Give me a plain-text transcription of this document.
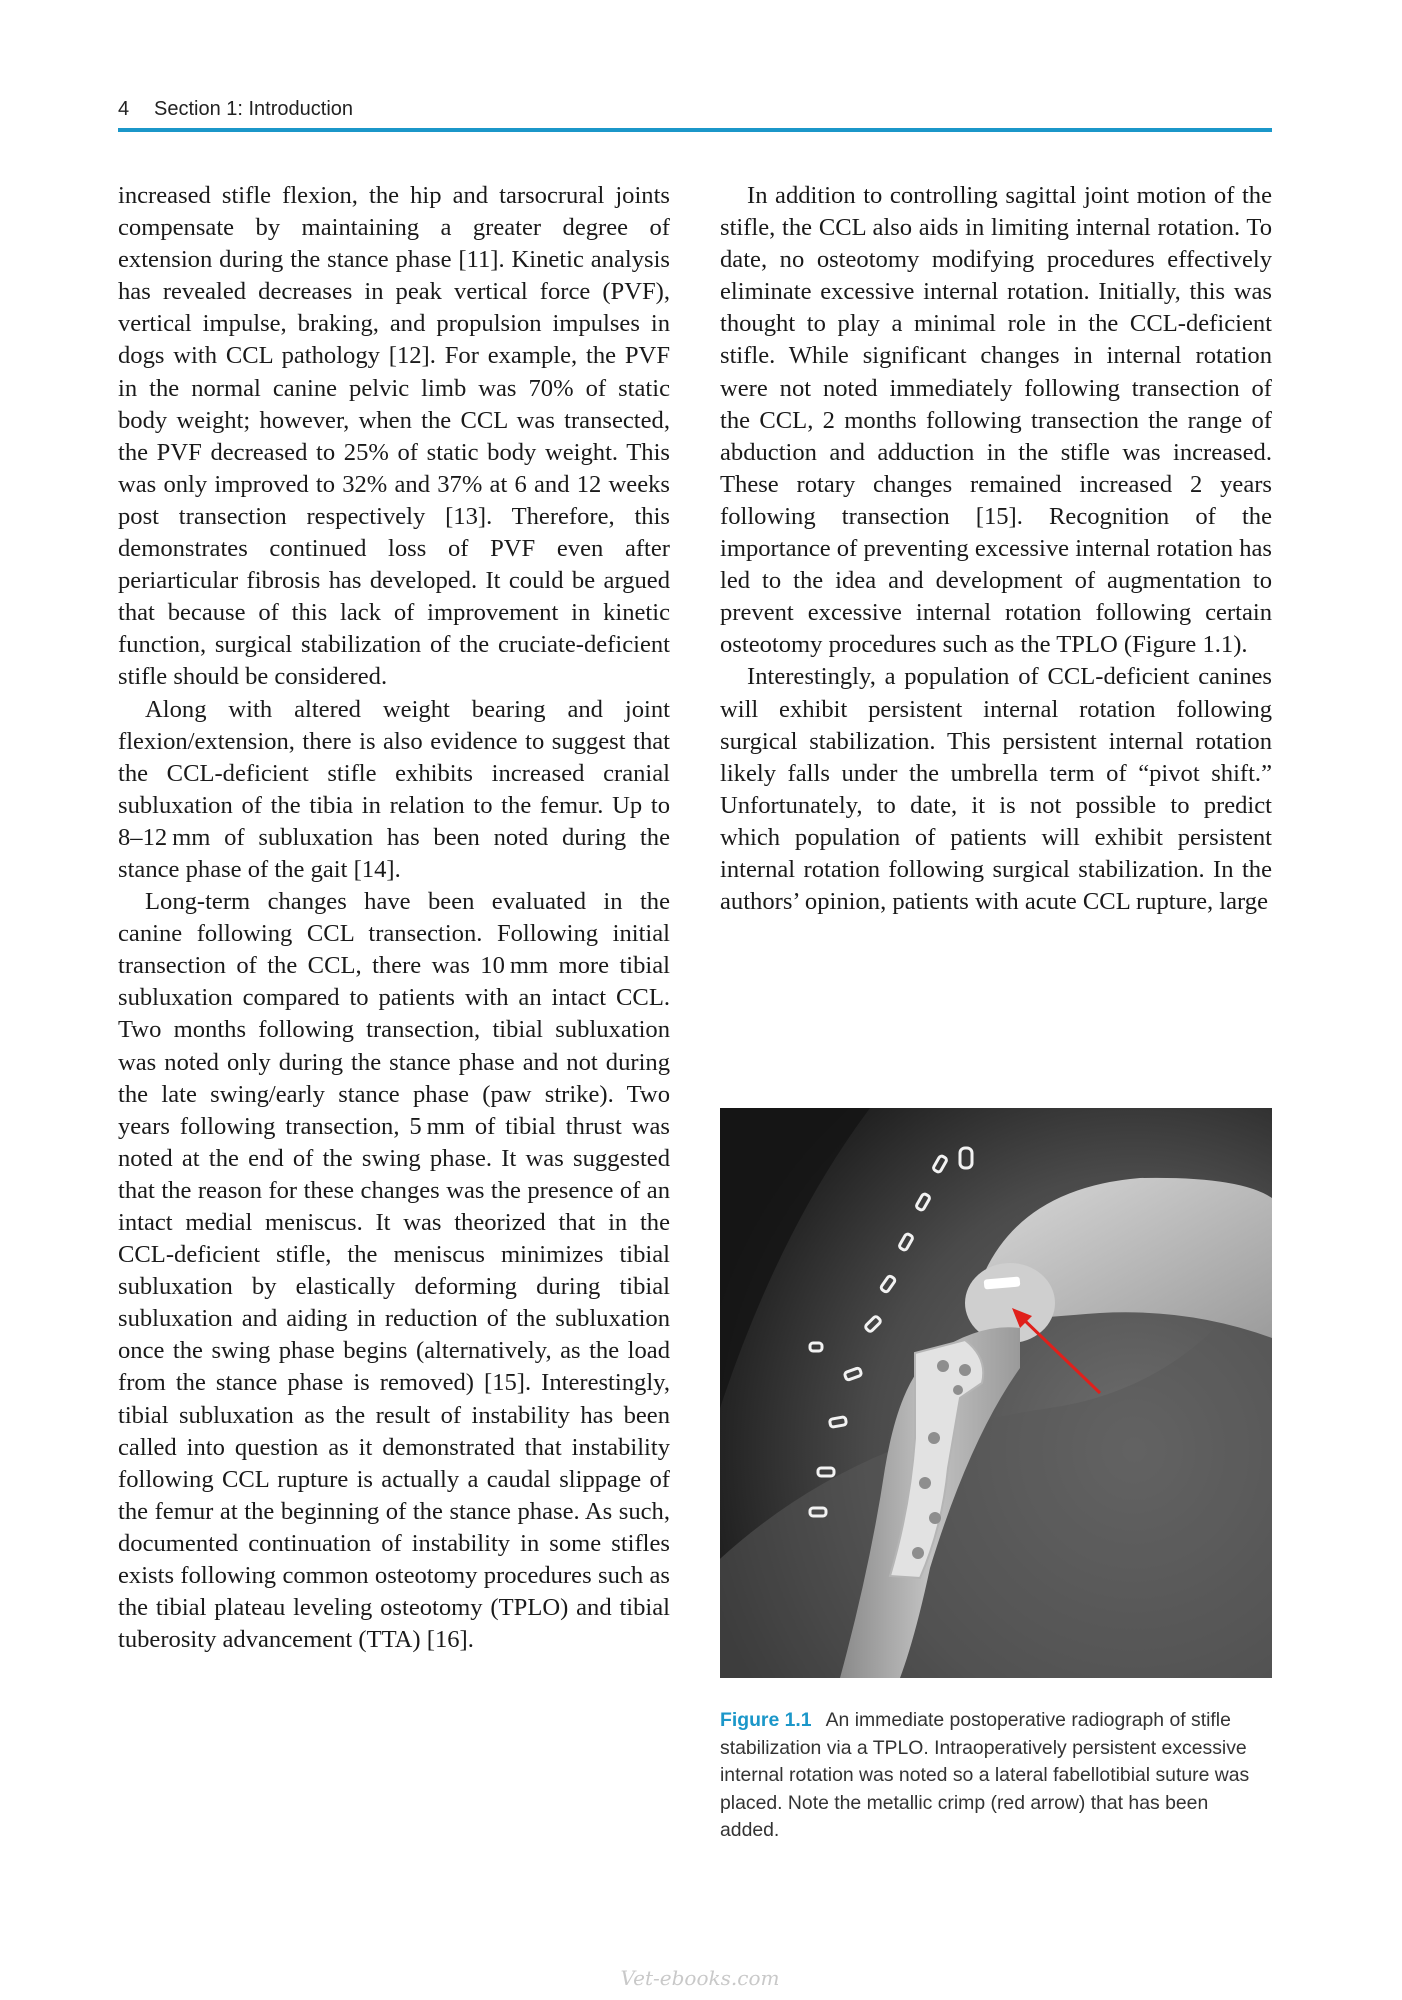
4 Section 1: Introduction

increased stifle flexion, the hip and tarsocrural joints compensate by maintaining a greater degree of extension during the stance phase [11]. Kinetic analysis has revealed decreases in peak vertical force (PVF), vertical impulse, braking, and propulsion impulses in dogs with CCL pathology [12]. For example, the PVF in the normal canine pelvic limb was 70% of static body weight; however, when the CCL was transected, the PVF decreased to 25% of static body weight. This was only improved to 32% and 37% at 6 and 12 weeks post transection respectively [13]. Therefore, this demonstrates continued loss of PVF even after periarticular fibrosis has developed. It could be argued that because of this lack of improvement in kinetic function, surgical stabilization of the cruciate-deficient stifle should be considered.

Along with altered weight bearing and joint flexion/extension, there is also evidence to suggest that the CCL-deficient stifle exhibits increased cranial subluxation of the tibia in relation to the femur. Up to 8–12 mm of subluxation has been noted during the stance phase of the gait [14].

Long-term changes have been evaluated in the canine following CCL transection. Following initial transection of the CCL, there was 10 mm more tibial subluxation compared to patients with an intact CCL. Two months following transection, tibial subluxation was noted only during the stance phase and not during the late swing/early stance phase (paw strike). Two years following transection, 5 mm of tibial thrust was noted at the end of the swing phase. It was suggested that the reason for these changes was the presence of an intact medial meniscus. It was theorized that in the CCL-deficient stifle, the meniscus minimizes tibial subluxation by elastically deforming during tibial subluxation and aiding in reduction of the subluxation once the swing phase begins (alternatively, as the load from the stance phase is removed) [15]. Interestingly, tibial subluxation as the result of instability has been called into question as it demonstrated that instability following CCL rupture is actually a caudal slippage of the femur at the beginning of the stance phase. As such, documented continuation of instability in some stifles exists following common osteotomy procedures such as the tibial plateau leveling osteotomy (TPLO) and tibial tuberosity advancement (TTA) [16].

In addition to controlling sagittal joint motion of the stifle, the CCL also aids in limiting internal rotation. To date, no osteotomy modifying procedures effectively eliminate excessive internal rotation. Initially, this was thought to play a minimal role in the CCL-deficient stifle. While significant changes in internal rotation were not noted immediately following transection of the CCL, 2 months following transection the range of abduction and adduction in the stifle was increased. These rotary changes remained increased 2 years following transection [15]. Recognition of the importance of preventing excessive internal rotation has led to the idea and development of augmentation to prevent excessive internal rotation following certain osteotomy procedures such as the TPLO (Figure 1.1).

Interestingly, a population of CCL-deficient canines will exhibit persistent internal rotation following surgical stabilization. This persistent internal rotation likely falls under the umbrella term of “pivot shift.” Unfortunately, to date, it is not possible to predict which population of patients will exhibit persistent internal rotation following surgical stabilization. In the authors’ opinion, patients with acute CCL rupture, large

Figure 1.1 An immediate postoperative radiograph of stifle stabilization via a TPLO. Intraoperatively persistent excessive internal rotation was noted so a lateral fabellotibial suture was placed. Note the metallic crimp (red arrow) that has been added.
Vet-ebooks.com
